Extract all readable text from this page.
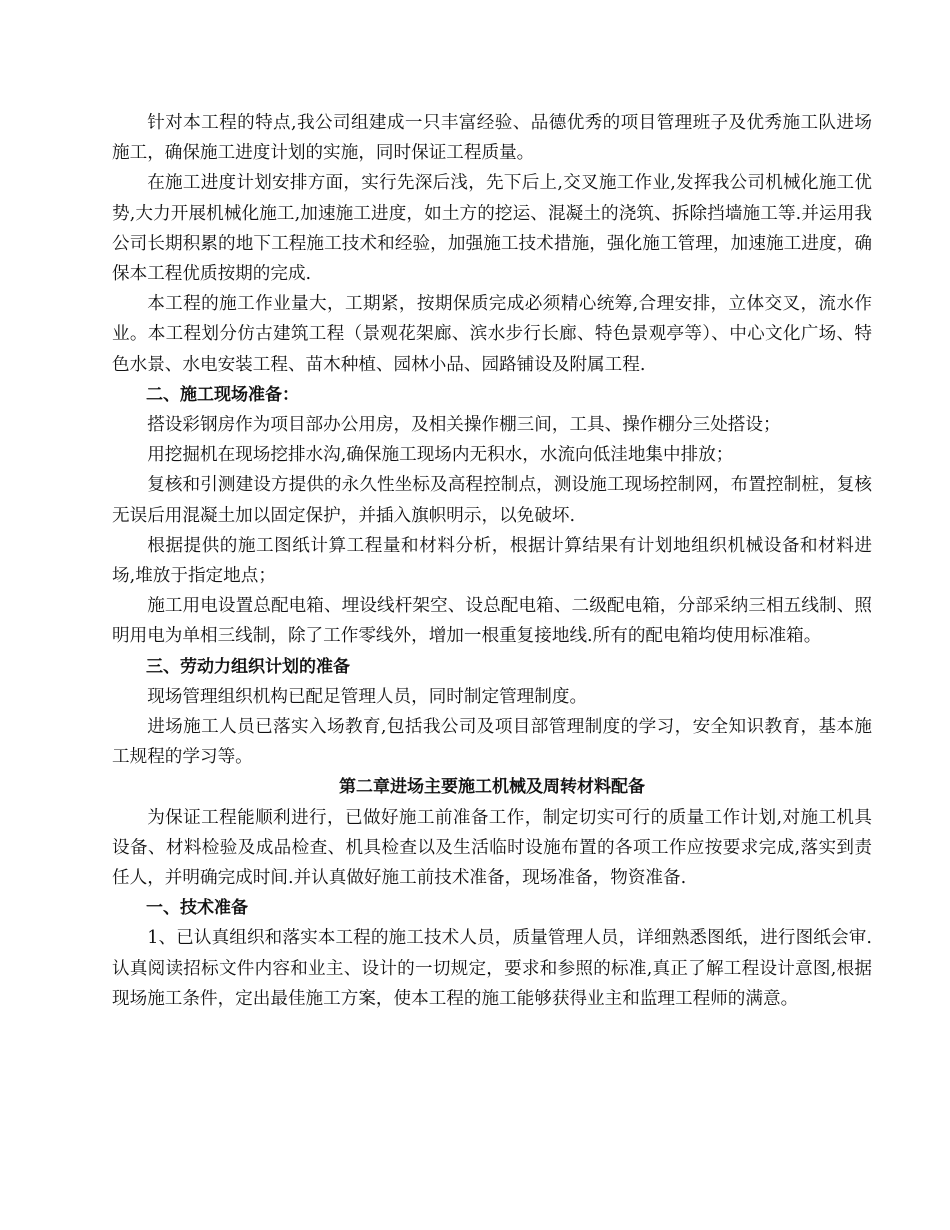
针对本工程的特点,我公司组建成一只丰富经验、品德优秀的项目管理班子及优秀施工队进场施工，确保施工进度计划的实施，同时保证工程质量。

在施工进度计划安排方面，实行先深后浅，先下后上,交叉施工作业,发挥我公司机械化施工优势,大力开展机械化施工,加速施工进度，如土方的挖运、混凝土的浇筑、拆除挡墙施工等.并运用我公司长期积累的地下工程施工技术和经验，加强施工技术措施，强化施工管理，加速施工进度，确保本工程优质按期的完成.

本工程的施工作业量大，工期紧，按期保质完成必须精心统筹,合理安排，立体交叉，流水作业。本工程划分仿古建筑工程（景观花架廊、滨水步行长廊、特色景观亭等）、中心文化广场、特色水景、水电安装工程、苗木种植、园林小品、园路铺设及附属工程.

二、施工现场准备：

搭设彩钢房作为项目部办公用房，及相关操作棚三间，工具、操作棚分三处搭设；

用挖掘机在现场挖排水沟,确保施工现场内无积水，水流向低洼地集中排放；

复核和引测建设方提供的永久性坐标及高程控制点，测设施工现场控制网，布置控制桩，复核无误后用混凝土加以固定保护，并插入旗帜明示，以免破坏.

根据提供的施工图纸计算工程量和材料分析，根据计算结果有计划地组织机械设备和材料进场,堆放于指定地点；

施工用电设置总配电箱、埋设线杆架空、设总配电箱、二级配电箱，分部采纳三相五线制、照明用电为单相三线制，除了工作零线外，增加一根重复接地线.所有的配电箱均使用标准箱。

三、劳动力组织计划的准备

现场管理组织机构已配足管理人员，同时制定管理制度。

进场施工人员已落实入场教育,包括我公司及项目部管理制度的学习，安全知识教育，基本施工规程的学习等。

第二章进场主要施工机械及周转材料配备

为保证工程能顺利进行，已做好施工前准备工作，制定切实可行的质量工作计划,对施工机具设备、材料检验及成品检查、机具检查以及生活临时设施布置的各项工作应按要求完成,落实到责任人，并明确完成时间.并认真做好施工前技术准备，现场准备，物资准备.

一、技术准备

1、已认真组织和落实本工程的施工技术人员，质量管理人员，详细熟悉图纸，进行图纸会审.认真阅读招标文件内容和业主、设计的一切规定，要求和参照的标准,真正了解工程设计意图,根据现场施工条件，定出最佳施工方案，使本工程的施工能够获得业主和监理工程师的满意。
